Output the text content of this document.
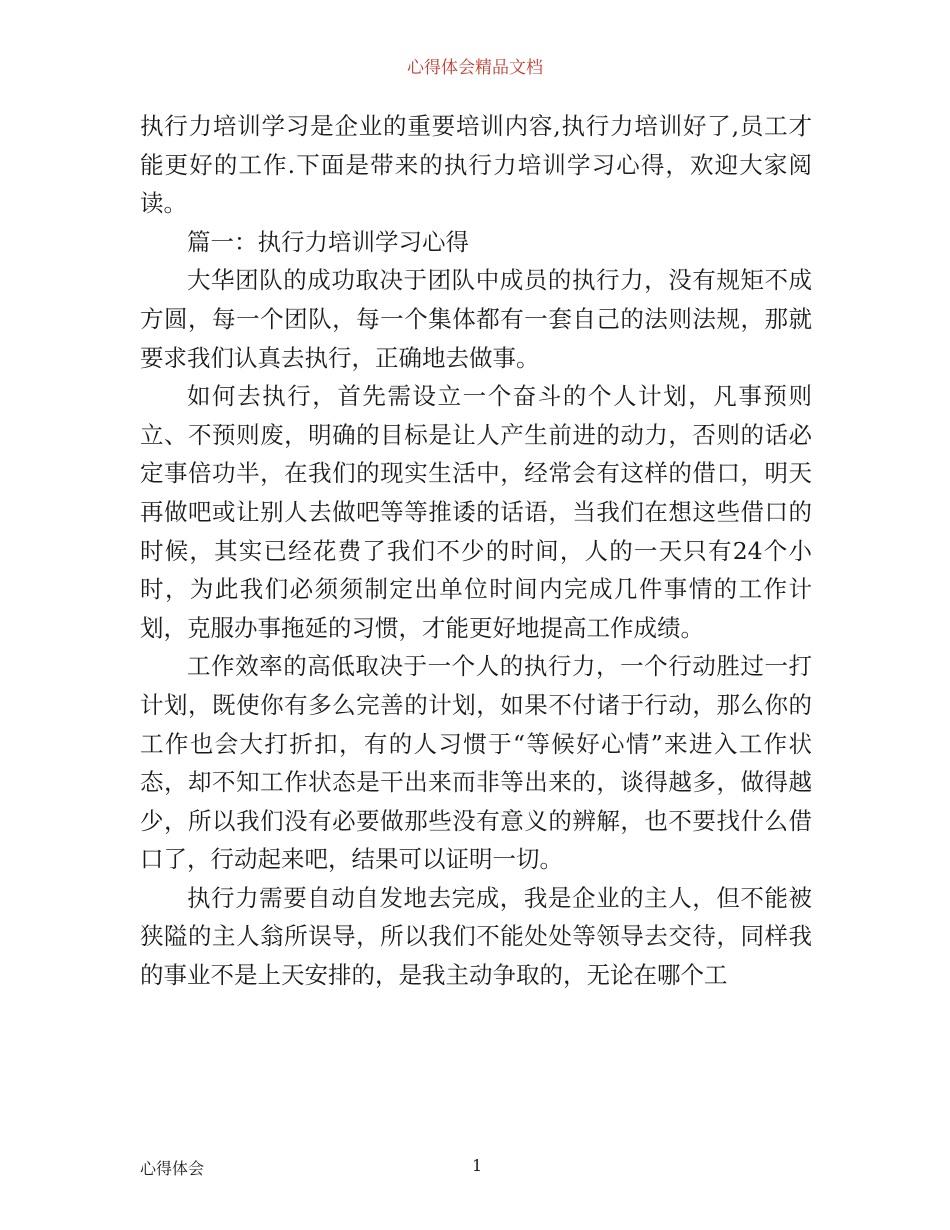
心得体会精品文档

执行力培训学习是企业的重要培训内容,执行力培训好了,员工才能更好的工作.下面是带来的执行力培训学习心得，欢迎大家阅读。

篇一：执行力培训学习心得

大华团队的成功取决于团队中成员的执行力，没有规矩不成方圆，每一个团队，每一个集体都有一套自己的法则法规，那就要求我们认真去执行，正确地去做事。

如何去执行，首先需设立一个奋斗的个人计划，凡事预则立、不预则废，明确的目标是让人产生前进的动力，否则的话必定事倍功半，在我们的现实生活中，经常会有这样的借口，明天再做吧或让别人去做吧等等推诿的话语，当我们在想这些借口的时候，其实已经花费了我们不少的时间，人的一天只有24个小时，为此我们必须须制定出单位时间内完成几件事情的工作计划，克服办事拖延的习惯，才能更好地提高工作成绩。

工作效率的高低取决于一个人的执行力，一个行动胜过一打计划，既使你有多么完善的计划，如果不付诸于行动，那么你的工作也会大打折扣，有的人习惯于“等候好心情”来进入工作状态，却不知工作状态是干出来而非等出来的，谈得越多，做得越少，所以我们没有必要做那些没有意义的辨解，也不要找什么借口了，行动起来吧，结果可以证明一切。

执行力需要自动自发地去完成，我是企业的主人，但不能被狭隘的主人翁所误导，所以我们不能处处等领导去交待，同样我的事业不是上天安排的，是我主动争取的，无论在哪个工

心得体会	1
